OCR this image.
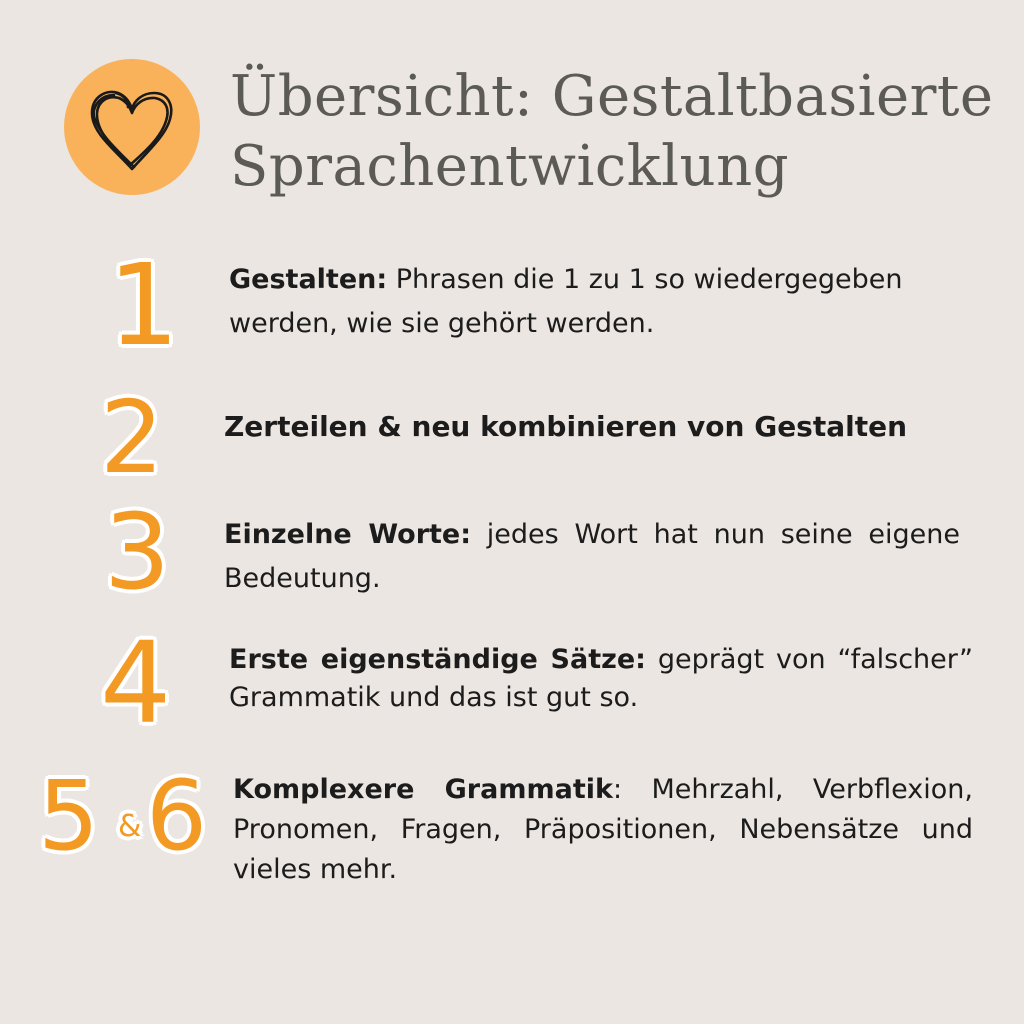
Übersicht: Gestaltbasierte
Sprachentwicklung
1 Gestalten: Phrasen die 1 zu 1 so wiedergegeben werden, wie sie gehört werden.

2 Zerteilen & neu kombinieren von Gestalten

3 Einzelne Worte: jedes Wort hat nun seine eigene Bedeutung.

4 Erste eigenständige Sätze: geprägt von “falscher” Grammatik und das ist gut so.

5 & 6 Komplexere Grammatik: Mehrzahl, Verbflexion, Pronomen, Fragen, Präpositionen, Nebensätze und vieles mehr.
